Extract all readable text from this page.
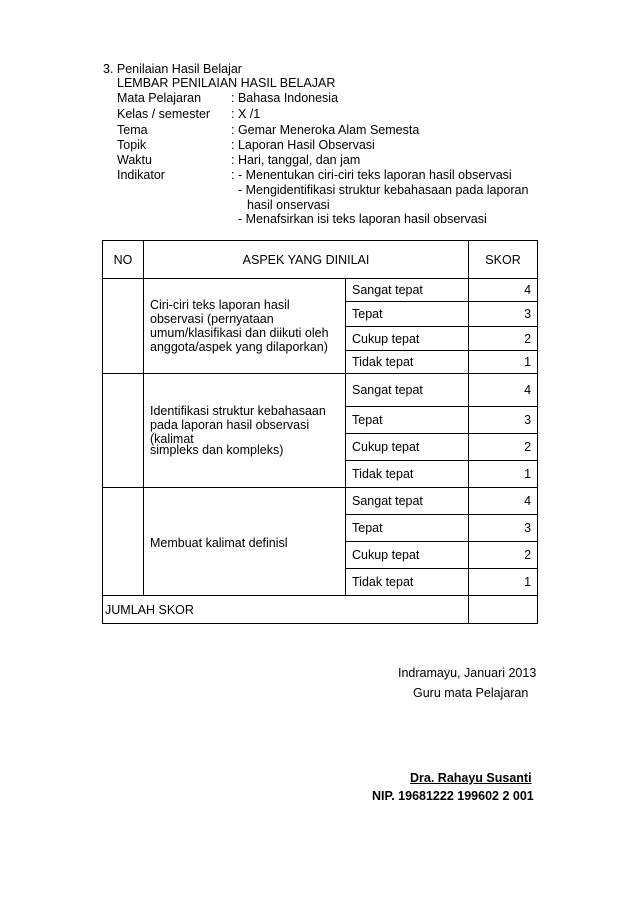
3. Penilaian Hasil Belajar
LEMBAR PENILAIAN HASIL BELAJAR
Mata Pelajaran : Bahasa Indonesia
Kelas / semester : X /1
Tema	: Gemar Meneroka Alam Semesta
Topik	: Laporan Hasil Observasi
Waktu	: Hari, tanggal, dan jam
Indikator	: - Menentukan ciri-ciri teks laporan hasil observasi
- Mengidentifikasi struktur kebahasaan pada laporan
hasil onservasi
- Menafsirkan isi teks laporan hasil observasi
NO	ASPEK YANG DINILAI		SKOR

	Ciri-ciri teks laporan hasil
observasi (pernyataan
umum/klasifikasi dan diikuti oleh
anggota/aspek yang dilaporkan)	Sangat tepat	4
		Tepat	3
		Cukup tepat	2
		Tidak tepat	1

	Identifikasi struktur kebahasaan
pada laporan hasil observasi
(kalimat
simpleks dan kompleks)	Sangat tepat	4
		Tepat	3
		Cukup tepat	2
		Tidak tepat	1

	Membuat kalimat definisl	Sangat tepat	4
		Tepat	3
		Cukup tepat	2
		Tidak tepat	1
JUMLAH SKOR			
Indramayu, Januari 2013
Guru mata Pelajaran
Dra. Rahayu Susanti
NIP. 19681222 199602 2 001
